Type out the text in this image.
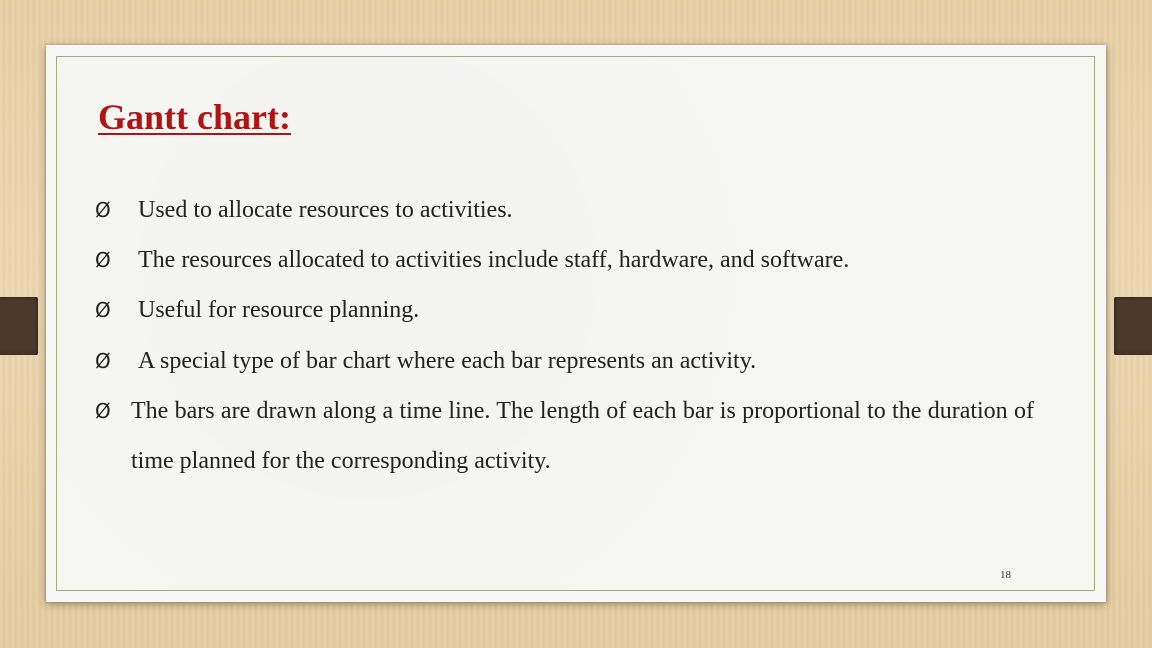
Gantt chart:
Ø	Used to allocate resources to activities.
Ø	The resources allocated to activities include staff, hardware, and software.
Ø	Useful for resource planning.
Ø	A special type of bar chart where each bar represents an activity.
Ø The bars are drawn along a time line. The length of each bar is proportional to the duration of time planned for the corresponding activity.
18
